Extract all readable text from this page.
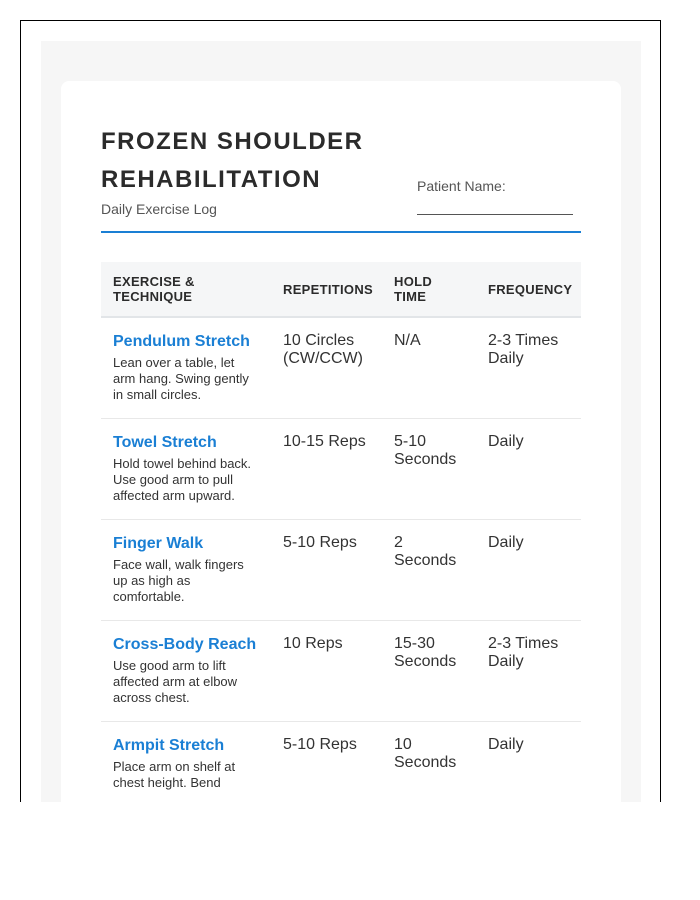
FROZEN SHOULDER REHABILITATION
Daily Exercise Log
Patient Name:
EXERCISE & TECHNIQUE	REPETITIONS	HOLD TIME	FREQUENCY

Pendulum Stretch
Lean over a table, let arm hang. Swing gently in small circles.	10 Circles (CW/CCW)	N/A	2-3 Times Daily

Towel Stretch
Hold towel behind back. Use good arm to pull affected arm upward.	10-15 Reps	5-10 Seconds	Daily

Finger Walk
Face wall, walk fingers up as high as comfortable.	5-10 Reps	2 Seconds	Daily

Cross-Body Reach
Use good arm to lift affected arm at elbow across chest.	10 Reps	15-30 Seconds	2-3 Times Daily

Armpit Stretch
Place arm on shelf at chest height. Bend	5-10 Reps	10 Seconds	Daily
